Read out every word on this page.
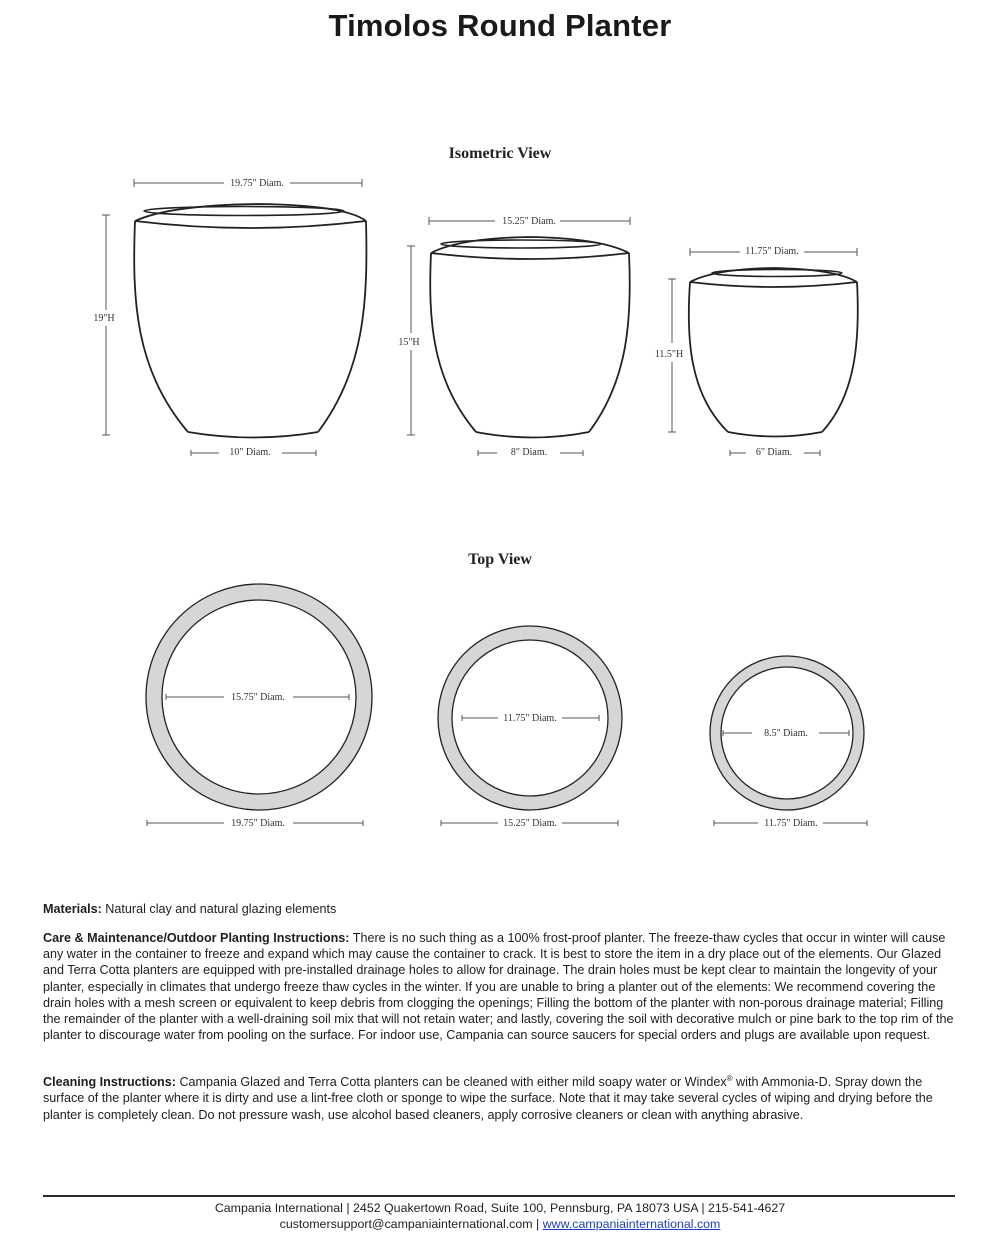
Timolos Round Planter
Isometric View
Top View
19.75" Diam.
19"H
10" Diam.
15.25" Diam.
15"H
8" Diam.
11.75" Diam.
11.5"H
6" Diam.
15.75" Diam.
19.75" Diam.
11.75" Diam.
15.25" Diam.
8.5" Diam.
11.75" Diam.
Materials: Natural clay and natural glazing elements
Care & Maintenance/Outdoor Planting Instructions: There is no such thing as a 100% frost-proof planter. The freeze-thaw cycles that occur in winter will cause any water in the container to freeze and expand which may cause the container to crack. It is best to store the item in a dry place out of the elements. Our Glazed and Terra Cotta planters are equipped with pre-installed drainage holes to allow for drainage. The drain holes must be kept clear to maintain the longevity of your planter, especially in climates that undergo freeze thaw cycles in the winter. If you are unable to bring a planter out of the elements: We recommend covering the drain holes with a mesh screen or equivalent to keep debris from clogging the openings; Filling the bottom of the planter with non-porous drainage material; Filling the remainder of the planter with a well-draining soil mix that will not retain water; and lastly, covering the soil with decorative mulch or pine bark to the top rim of the planter to discourage water from pooling on the surface. For indoor use, Campania can source saucers for special orders and plugs are available upon request.
Cleaning Instructions: Campania Glazed and Terra Cotta planters can be cleaned with either mild soapy water or Windex® with Ammonia-D. Spray down the surface of the planter where it is dirty and use a lint-free cloth or sponge to wipe the surface. Note that it may take several cycles of wiping and drying before the planter is completely clean. Do not pressure wash, use alcohol based cleaners, apply corrosive cleaners or clean with anything abrasive.
Campania International | 2452 Quakertown Road, Suite 100, Pennsburg, PA 18073 USA | 215-541-4627
customersupport@campaniainternational.com | www.campaniainternational.com
